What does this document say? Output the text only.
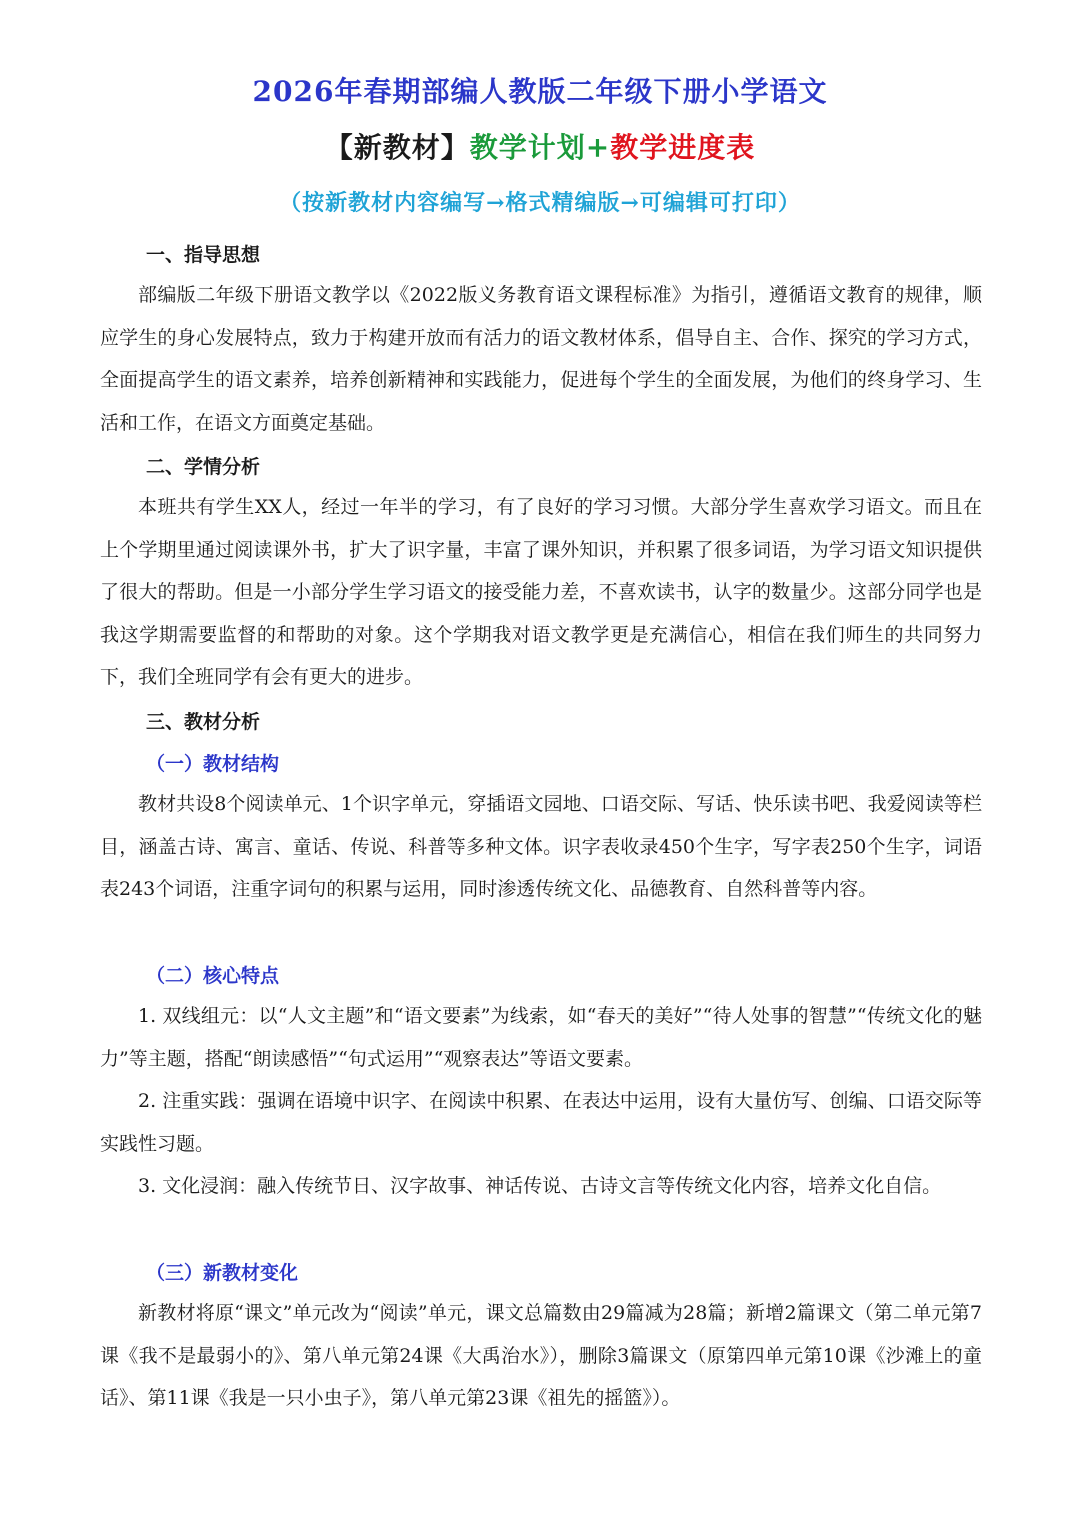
2026年春期部编人教版二年级下册小学语文
【新教材】教学计划+教学进度表
（按新教材内容编写→格式精编版→可编辑可打印）
一、指导思想
部编版二年级下册语文教学以《2022版义务教育语文课程标准》为指引，遵循语文教育的规律，顺应学生的身心发展特点，致力于构建开放而有活力的语文教材体系，倡导自主、合作、探究的学习方式，全面提高学生的语文素养，培养创新精神和实践能力，促进每个学生的全面发展，为他们的终身学习、生活和工作，在语文方面奠定基础。
二、学情分析
本班共有学生XX人，经过一年半的学习，有了良好的学习习惯。大部分学生喜欢学习语文。而且在上个学期里通过阅读课外书，扩大了识字量，丰富了课外知识，并积累了很多词语，为学习语文知识提供了很大的帮助。但是一小部分学生学习语文的接受能力差，不喜欢读书，认字的数量少。这部分同学也是我这学期需要监督的和帮助的对象。这个学期我对语文教学更是充满信心，相信在我们师生的共同努力下，我们全班同学有会有更大的进步。
三、教材分析
（一）教材结构
教材共设8个阅读单元、1个识字单元，穿插语文园地、口语交际、写话、快乐读书吧、我爱阅读等栏目，涵盖古诗、寓言、童话、传说、科普等多种文体。识字表收录450个生字，写字表250个生字，词语表243个词语，注重字词句的积累与运用，同时渗透传统文化、品德教育、自然科普等内容。
（二）核心特点
1. 双线组元：以“人文主题”和“语文要素”为线索，如“春天的美好”“待人处事的智慧”“传统文化的魅力”等主题，搭配“朗读感悟”“句式运用”“观察表达”等语文要素。
2. 注重实践：强调在语境中识字、在阅读中积累、在表达中运用，设有大量仿写、创编、口语交际等实践性习题。
3. 文化浸润：融入传统节日、汉字故事、神话传说、古诗文言等传统文化内容，培养文化自信。
（三）新教材变化
新教材将原“课文”单元改为“阅读”单元，课文总篇数由29篇减为28篇；新增2篇课文（第二单元第7课《我不是最弱小的》、第八单元第24课《大禹治水》），删除3篇课文（原第四单元第10课《沙滩上的童话》、第11课《我是一只小虫子》，第八单元第23课《祖先的摇篮》）。
